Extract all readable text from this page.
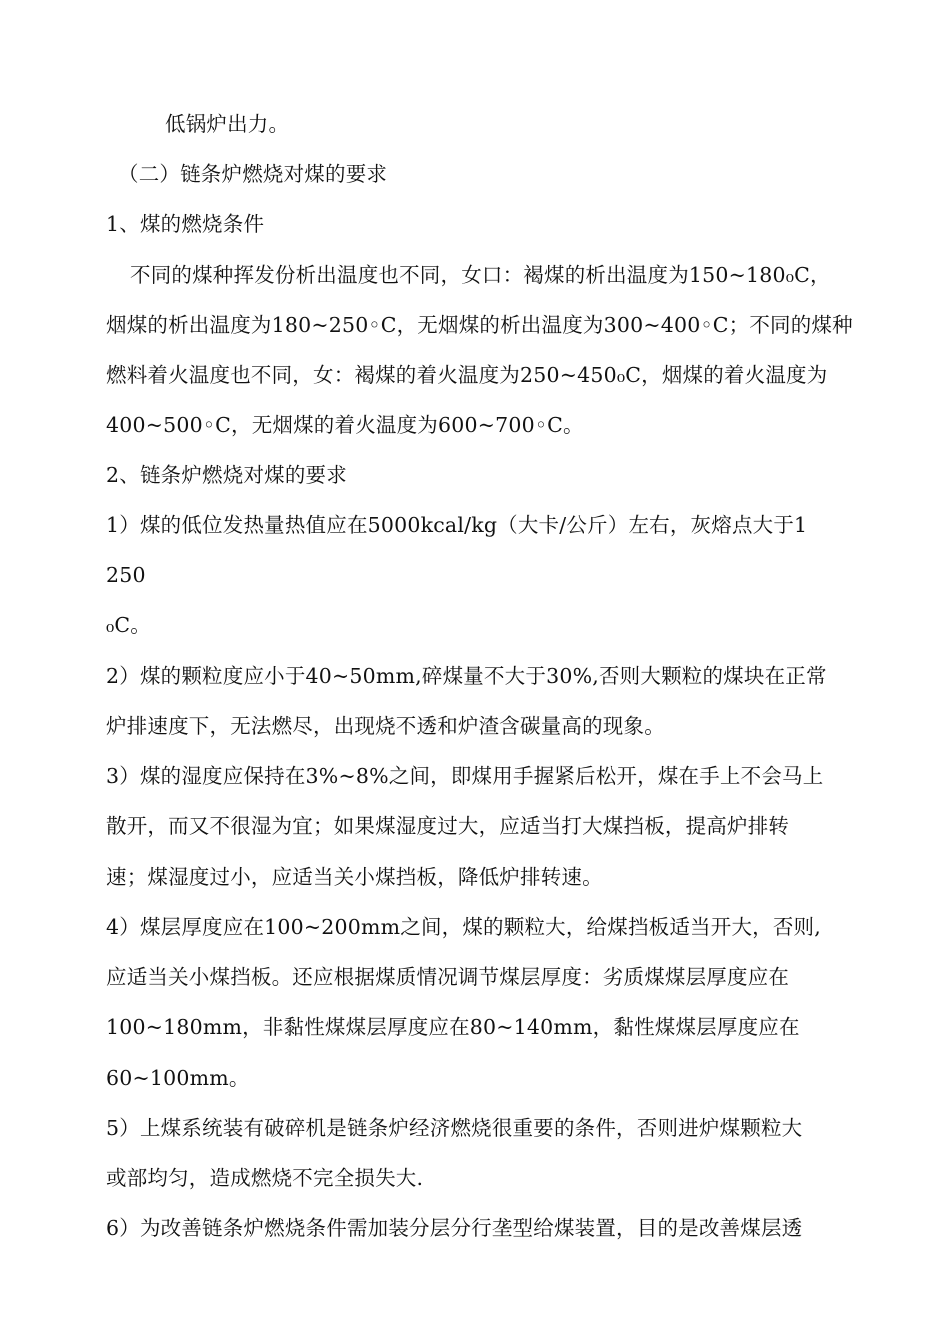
低锅炉出力。
（二）链条炉燃烧对煤的要求
1、煤的燃烧条件
不同的煤种挥发份析出温度也不同，女口：褐煤的析出温度为150~180₀C，
烟煤的析出温度为180~250◦C，无烟煤的析出温度为300~400◦C；不同的煤种
燃料着火温度也不同，女：褐煤的着火温度为250~450₀C，烟煤的着火温度为
400~500◦C，无烟煤的着火温度为600~700◦C。
2、链条炉燃烧对煤的要求
1）煤的低位发热量热值应在5000kcal/kg（大卡/公斤）左右，灰熔点大于1
250
₀C。
2）煤的颗粒度应小于40~50mm,碎煤量不大于30%,否则大颗粒的煤块在正常
炉排速度下，无法燃尽，出现烧不透和炉渣含碳量高的现象。
3）煤的湿度应保持在3%~8%之间，即煤用手握紧后松开，煤在手上不会马上
散开，而又不很湿为宜；如果煤湿度过大，应适当打大煤挡板，提高炉排转
速；煤湿度过小，应适当关小煤挡板，降低炉排转速。
4）煤层厚度应在100~200mm之间，煤的颗粒大，给煤挡板适当开大，否则,
应适当关小煤挡板。还应根据煤质情况调节煤层厚度：劣质煤煤层厚度应在
100~180mm，非黏性煤煤层厚度应在80~140mm，黏性煤煤层厚度应在
60~100mm。
5）上煤系统装有破碎机是链条炉经济燃烧很重要的条件，否则进炉煤颗粒大
或部均匀，造成燃烧不完全损失大.
6）为改善链条炉燃烧条件需加装分层分行垄型给煤装置，目的是改善煤层透
